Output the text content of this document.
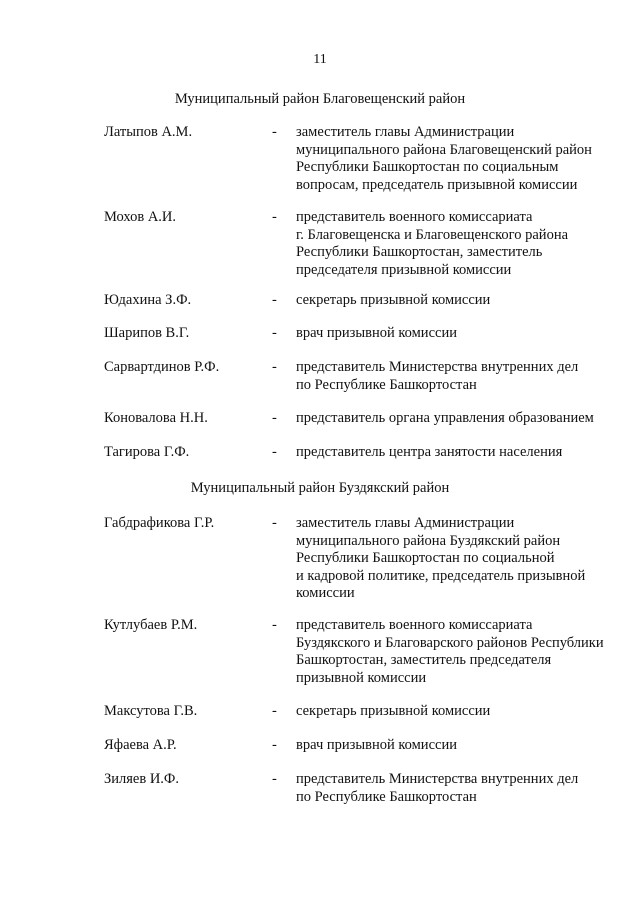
11
Муниципальный район Благовещенский район
Латыпов А.М.	- заместитель главы Администрации
муниципального района Благовещенский район
Республики Башкортостан по социальным
вопросам, председатель призывной комиссии
Мохов А.И.	- представитель военного комиссариата
г. Благовещенска и Благовещенского района
Республики Башкортостан, заместитель
председателя призывной комиссии
Юдахина З.Ф.	- секретарь призывной комиссии
Шарипов В.Г.	- врач призывной комиссии
Сарвартдинов Р.Ф.	- представитель Министерства внутренних дел
по Республике Башкортостан
Коновалова Н.Н.	- представитель органа управления образованием
Тагирова Г.Ф.	- представитель центра занятости населения
Муниципальный район Буздякский район
Габдрафикова Г.Р.	- заместитель главы Администрации
муниципального района Буздякский район
Республики Башкортостан по социальной
и кадровой политике, председатель призывной
комиссии
Кутлубаев Р.М.	- представитель военного комиссариата
Буздякского и Благоварского районов Республики
Башкортостан, заместитель председателя
призывной комиссии
Максутова Г.В.	- секретарь призывной комиссии
Яфаева А.Р.	- врач призывной комиссии
Зиляев И.Ф.	- представитель Министерства внутренних дел
по Республике Башкортостан
